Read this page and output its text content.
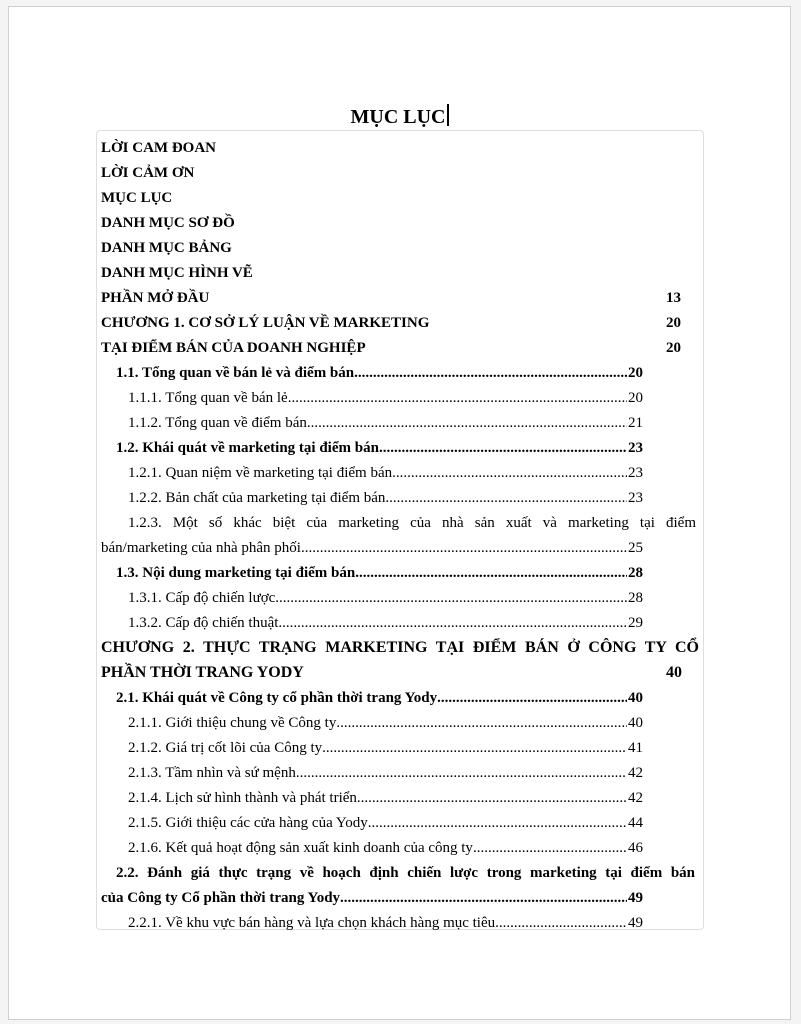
MỤC LỤC
LỜI CAM ĐOAN
LỜI CẢM ƠN
MỤC LỤC
DANH MỤC SƠ ĐỒ
DANH MỤC BẢNG
DANH MỤC HÌNH VẼ
PHẦN MỞ ĐẦU	13
CHƯƠNG 1. CƠ SỞ LÝ LUẬN VỀ MARKETING	20
TẠI ĐIỂM BÁN CỦA DOANH NGHIỆP	20
1.1. Tổng quan về bán lẻ và điểm bán .....	20
1.1.1. Tổng quan về bán lẻ .....	20
1.1.2. Tổng quan về điểm bán .....	21
1.2. Khái quát về marketing tại điểm bán .....	23
1.2.1. Quan niệm về marketing tại điểm bán .....	23
1.2.2. Bản chất của marketing tại điểm bán .....	23
1.2.3. Một số khác biệt của marketing của nhà sản xuất và marketing tại điểm
bán/marketing của nhà phân phối .....	25
1.3. Nội dung marketing tại điểm bán .....	28
1.3.1. Cấp độ chiến lược .....	28
1.3.2. Cấp độ chiến thuật .....	29
CHƯƠNG 2. THỰC TRẠNG MARKETING TẠI ĐIỂM BÁN Ở CÔNG TY CỔ
PHẦN THỜI TRANG YODY	40
2.1. Khái quát về Công ty cổ phần thời trang Yody .....	40
2.1.1. Giới thiệu chung về Công ty .....	40
2.1.2. Giá trị cốt lõi của Công ty .....	41
2.1.3. Tầm nhìn và sứ mệnh .....	42
2.1.4. Lịch sử hình thành và phát triển .....	42
2.1.5. Giới thiệu các cửa hàng của Yody .....	44
2.1.6. Kết quả hoạt động sản xuất kinh doanh của công ty .....	46
2.2. Đánh giá thực trạng về hoạch định chiến lược trong marketing tại điểm bán
của Công ty Cổ phần thời trang Yody .....	49
2.2.1. Về khu vực bán hàng và lựa chọn khách hàng mục tiêu .....	49
